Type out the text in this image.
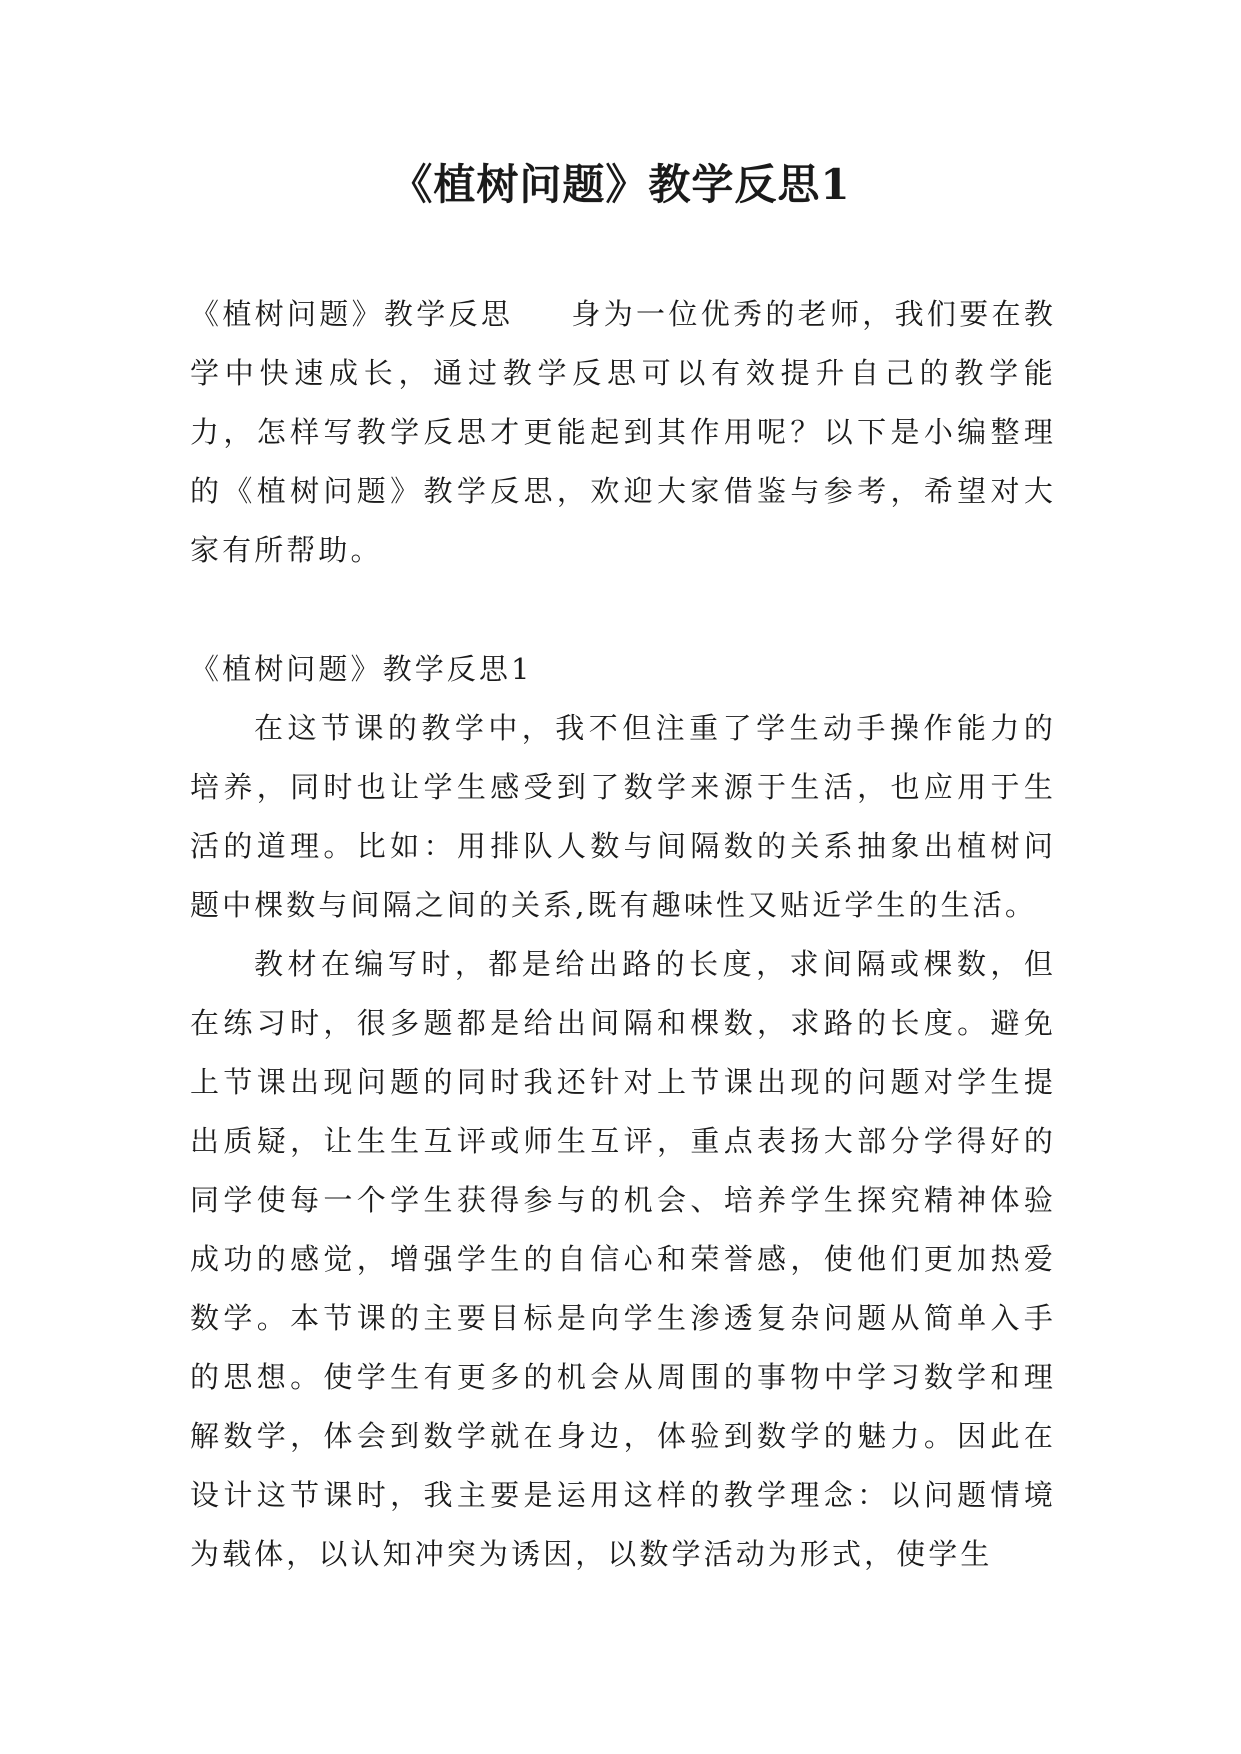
《植树问题》教学反思1

《植树问题》教学反思 身为一位优秀的老师，我们要在教学中快速成长，通过教学反思可以有效提升自己的教学能力，怎样写教学反思才更能起到其作用呢？以下是小编整理的《植树问题》教学反思，欢迎大家借鉴与参考，希望对大家有所帮助。

《植树问题》教学反思1

在这节课的教学中，我不但注重了学生动手操作能力的培养，同时也让学生感受到了数学来源于生活，也应用于生活的道理。比如：用排队人数与间隔数的关系抽象出植树问题中棵数与间隔之间的关系,既有趣味性又贴近学生的生活。

教材在编写时，都是给出路的长度，求间隔或棵数，但在练习时，很多题都是给出间隔和棵数，求路的长度。避免上节课出现问题的同时我还针对上节课出现的问题对学生提出质疑，让生生互评或师生互评，重点表扬大部分学得好的同学使每一个学生获得参与的机会、培养学生探究精神体验成功的感觉，增强学生的自信心和荣誉感，使他们更加热爱数学。本节课的主要目标是向学生渗透复杂问题从简单入手的思想。使学生有更多的机会从周围的事物中学习数学和理解数学，体会到数学就在身边，体验到数学的魅力。因此在设计这节课时，我主要是运用这样的教学理念：以问题情境为载体，以认知冲突为诱因，以数学活动为形式，使学生
